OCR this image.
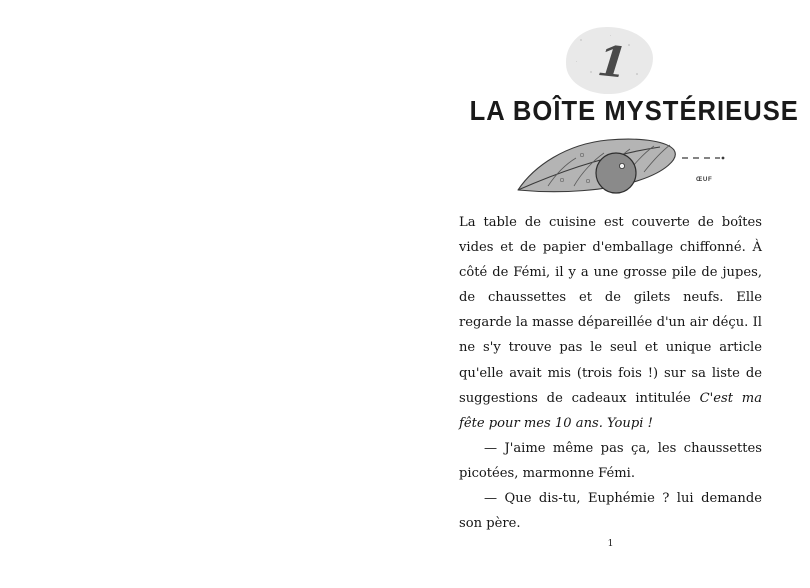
1
LA BOÎTE MYSTÉRIEUSE
ŒUF

La table de cuisine est couverte de boîtes vides et de papier d'emballage chiffonné. À côté de Fémi, il y a une grosse pile de jupes, de chaussettes et de gilets neufs. Elle regarde la masse dépareillée d'un air déçu. Il ne s'y trouve pas le seul et unique article qu'elle avait mis (trois fois !) sur sa liste de suggestions de cadeaux intitulée C'est ma fête pour mes 10 ans. Youpi !

— J'aime même pas ça, les chaussettes picotées, marmonne Fémi.

— Que dis-tu, Euphémie ? lui demande son père.

1
